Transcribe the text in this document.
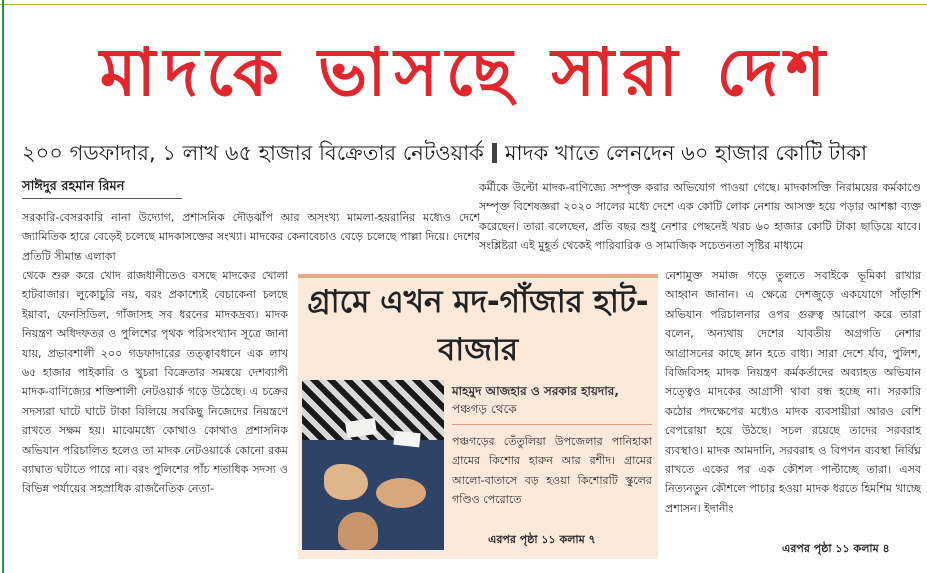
মাদকে ভাসছে সারা দেশ
২০০ গডফাদার, ১ লাখ ৬৫ হাজার বিক্রেতার নেটওয়ার্ক মাদক খাতে লেনদেন ৬০ হাজার কোটি টাকা
সাঈদুর রহমান রিমন

সরকারি-বেসরকারি নানা উদ্যোগ, প্রশাসনিক দৌড়ঝাঁপ আর অসংখ্য মামলা-হয়রানির মধ্যেও দেশে জ্যামিতিক হারে বেড়েই চলেছে মাদকাসক্তের সংখ্যা। মাদকের কেনাবেচাও বেড়ে চলেছে পাল্লা দিয়ে। দেশের প্রতিটি সীমান্ত এলাকা

থেকে শুরু করে খোদ রাজধানীতেও বসছে মাদকের খোলা হাটবাজার। লুকোচুরি নয়, বরং প্রকাশ্যেই বেচাকেনা চলছে ইয়াবা, ফেনসিডিল, গাঁজাসহ সব ধরনের মাদকদ্রব্য। মাদক নিয়ন্ত্রণ অধিদফতর ও পুলিশের পৃথক পরিসংখ্যান সূত্রে জানা যায়, প্রভাবশালী ২০০ গডফাদারের তত্ত্বাবধানে এক লাখ ৬৫ হাজার পাইকারি ও খুচরা বিক্রেতার সমন্বয়ে দেশব্যাপী মাদক-বাণিজ্যের শক্তিশালী নেটওয়ার্ক গড়ে উঠেছে। এ চক্রের সদস্যরা ঘাটে ঘাটে টাকা বিলিয়ে সবকিছু নিজেদের নিয়ন্ত্রণে রাখতে সক্ষম হয়। মাঝেমধ্যে কোথাও কোথাও প্রশাসনিক অভিযান পরিচালিত হলেও তা মাদক নেটওয়ার্কে কোনো রকম ব্যাঘাত ঘটাতে পারে না। বরং পুলিশের পাঁচ শতাধিক সদস্য ও বিভিন্ন পর্যায়ের সহস্রাধিক রাজনৈতিক নেতা-

কর্মীকে উল্টো মাদক-বাণিজ্যে সম্পৃক্ত করার অভিযোগ পাওয়া গেছে। মাদকাসক্তি নিরাময়ের কর্মকাণ্ডে সম্পৃক্ত বিশেষজ্ঞরা ২০২০ সালের মধ্যে দেশে এক কোটি লোক নেশায় আসক্ত হয়ে পড়ার আশঙ্কা ব্যক্ত করেছেন। তারা বলেছেন, প্রতি বছর শুধু নেশার পেছনেই খরচ ৬০ হাজার কোটি টাকা ছাড়িয়ে যাবে। সংশ্লিষ্টরা এই মুহূর্ত থেকেই পারিবারিক ও সামাজিক সচেতনতা সৃষ্টির মাধ্যমে

নেশামুক্ত সমাজ গড়ে তুলতে সবাইকে ভূমিকা রাখার আহ্বান জানান। এ ক্ষেত্রে দেশজুড়ে একযোগে সাঁড়াশি অভিযান পরিচালনার ওপর গুরুত্ব আরোপ করে তারা বলেন, অন্যথায় দেশের যাবতীয় অগ্রগতি নেশার আগ্রাসনের কাছে ম্লান হতে বাধ্য। সারা দেশে র্যাব, পুলিশ, বিজিবিসহ মাদক নিয়ন্ত্রণ কর্মকর্তাদের অব্যাহত অভিযান সত্ত্বেও মাদকের আগ্রাসী থাবা বন্ধ হচ্ছে না। সরকারি কঠোর পদক্ষেপের মধ্যেও মাদক ব্যবসায়ীরা আরও বেশি বেপরোয়া হয়ে উঠছে। সচল রয়েছে তাদের সরবরাহ ব্যবস্থাও। মাদক আমদানি, সরবরাহ ও বিপণন ব্যবস্থা নির্বিঘ্ন রাখতে একের পর এক কৌশল পাল্টাচ্ছে তারা। এসব নিত্যনতুন কৌশলে পাচার হওয়া মাদক ধরতে হিমশিম খাচ্ছে প্রশাসন। ইদানীং

এরপর পৃষ্ঠা ১১ কলাম ৪
গ্রামে এখন মদ-গাঁজার হাট-বাজার
মাহমুদ আজহার ও সরকার হায়দার, পঞ্চগড় থেকে

পঞ্চগড়ের তেঁতুলিয়া উপজেলার পানিহাকা গ্রামের কিশোর হারুন আর রশীদ। গ্রামের আলো-বাতাসে বড় হওয়া কিশোরটি স্কুলের গণ্ডিও পেরোতে

এরপর পৃষ্ঠা ১১ কলাম ৭
